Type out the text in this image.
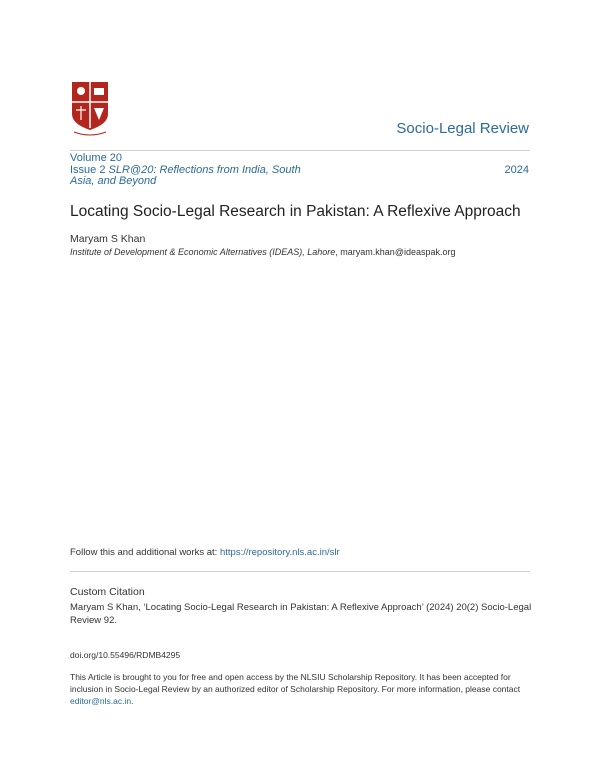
Socio-Legal Review
Volume 20
Issue 2 SLR@20: Reflections from India, South
Asia, and Beyond
2024
Locating Socio-Legal Research in Pakistan: A Reflexive Approach
Maryam S Khan
Institute of Development & Economic Alternatives (IDEAS), Lahore, maryam.khan@ideaspak.org
Follow this and additional works at: https://repository.nls.ac.in/slr
Custom Citation
Maryam S Khan, ‘Locating Socio-Legal Research in Pakistan: A Reflexive Approach’ (2024) 20(2) Socio-Legal Review 92.
doi.org/10.55496/RDMB4295
This Article is brought to you for free and open access by the NLSIU Scholarship Repository. It has been accepted for inclusion in Socio-Legal Review by an authorized editor of Scholarship Repository. For more information, please contact editor@nls.ac.in.
